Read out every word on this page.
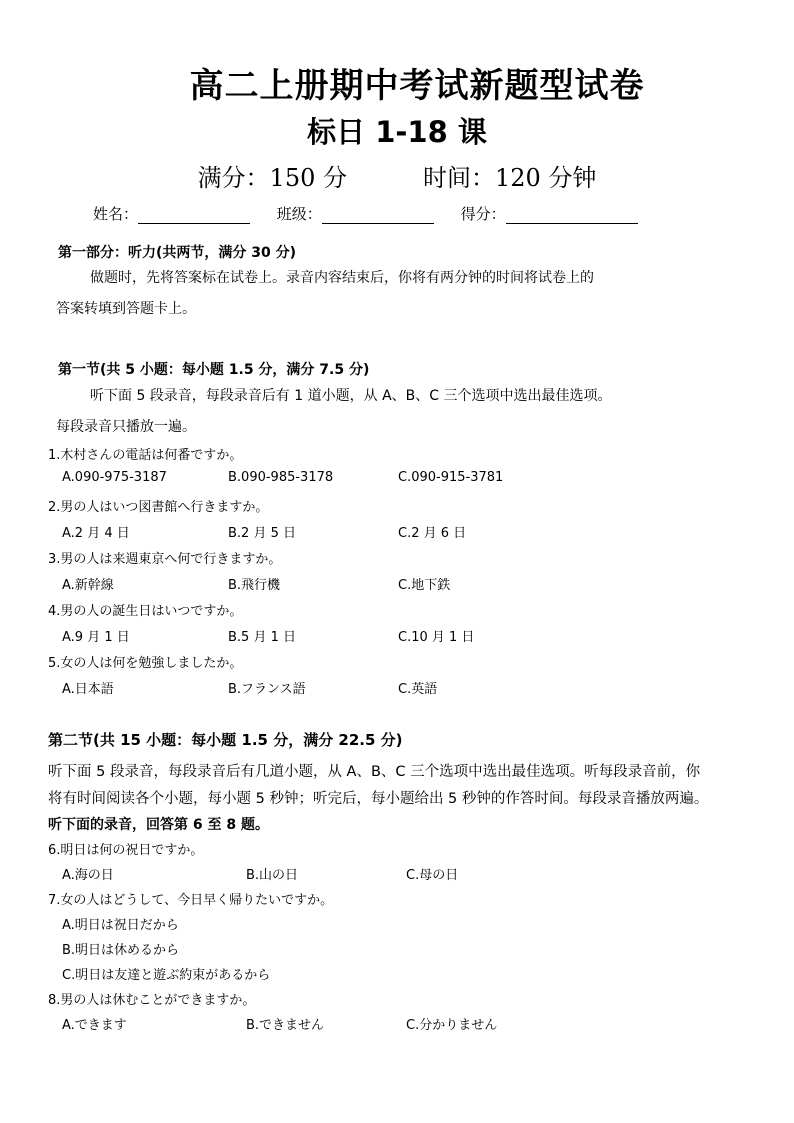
高二上册期中考试新题型试卷
标日 1-18 课
满分：150 分	时间：120 分钟
姓名：	班级：	得分：
第一部分：听力(共两节，满分 30 分)
做题时，先将答案标在试卷上。录音内容结束后，你将有两分钟的时间将试卷上的
答案转填到答题卡上。
第一节(共 5 小题：每小题 1.5 分，满分 7.5 分)
听下面 5 段录音，每段录音后有 1 道小题，从 A、B、C 三个选项中选出最佳选项。
每段录音只播放一遍。
1.木村さんの電話は何番ですか。
A.090-975-3187	B.090-985-3178	C.090-915-3781
2.男の人はいつ図書館へ行きますか。
A.2 月 4 日	B.2 月 5 日	C.2 月 6 日
3.男の人は来週東京へ何で行きますか。
A.新幹線	B.飛行機	C.地下鉄
4.男の人の誕生日はいつですか。
A.9 月 1 日	B.5 月 1 日	C.10 月 1 日
5.女の人は何を勉強しましたか。
A.日本語	B.フランス語	C.英語
第二节(共 15 小题：每小题 1.5 分，满分 22.5 分)
听下面 5 段录音，每段录音后有几道小题，从 A、B、C 三个选项中选出最佳选项。听每段录音前，你
将有时间阅读各个小题，每小题 5 秒钟；听完后，每小题给出 5 秒钟的作答时间。每段录音播放两遍。
听下面的录音，回答第 6 至 8 题。
6.明日は何の祝日ですか。
A.海の日	B.山の日	C.母の日
7.女の人はどうして、今日早く帰りたいですか。
A.明日は祝日だから
B.明日は休めるから
C.明日は友達と遊ぶ約束があるから
8.男の人は休むことができますか。
A.できます	B.できません	C.分かりません
